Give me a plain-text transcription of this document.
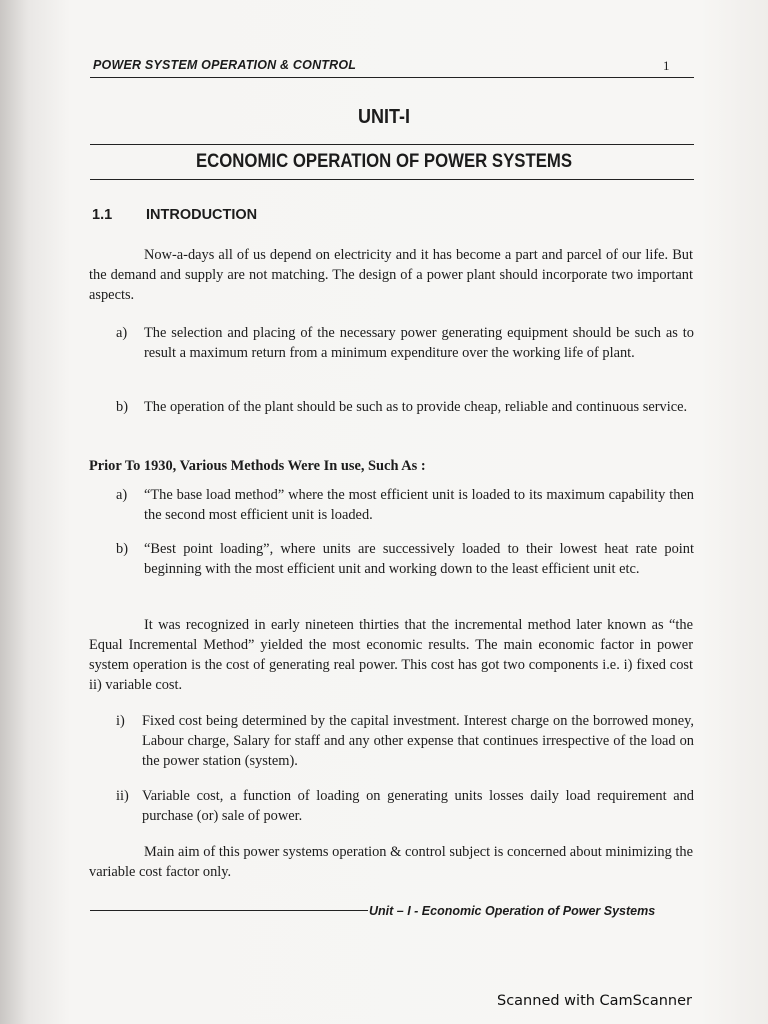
POWER SYSTEM OPERATION & CONTROL	1
UNIT-I
ECONOMIC OPERATION OF POWER SYSTEMS
1.1 INTRODUCTION
Now-a-days all of us depend on electricity and it has become a part and parcel of our life. But the demand and supply are not matching. The design of a power plant should incorporate two important aspects.
a) The selection and placing of the necessary power generating equipment should be such as to result a maximum return from a minimum expenditure over the working life of plant.
b) The operation of the plant should be such as to provide cheap, reliable and continuous service.
Prior To 1930, Various Methods Were In use, Such As :
a) “The base load method” where the most efficient unit is loaded to its maximum capability then the second most efficient unit is loaded.
b) “Best point loading”, where units are successively loaded to their lowest heat rate point beginning with the most efficient unit and working down to the least efficient unit etc.
It was recognized in early nineteen thirties that the incremental method later known as “the Equal Incremental Method” yielded the most economic results. The main economic factor in power system operation is the cost of generating real power. This cost has got two components i.e. i) fixed cost ii) variable cost.
i) Fixed cost being determined by the capital investment. Interest charge on the borrowed money, Labour charge, Salary for staff and any other expense that continues irrespective of the load on the power station (system).
ii) Variable cost, a function of loading on generating units losses daily load requirement and purchase (or) sale of power.
Main aim of this power systems operation & control subject is concerned about minimizing the variable cost factor only.
Unit – I - Economic Operation of Power Systems
Scanned with CamScanner
